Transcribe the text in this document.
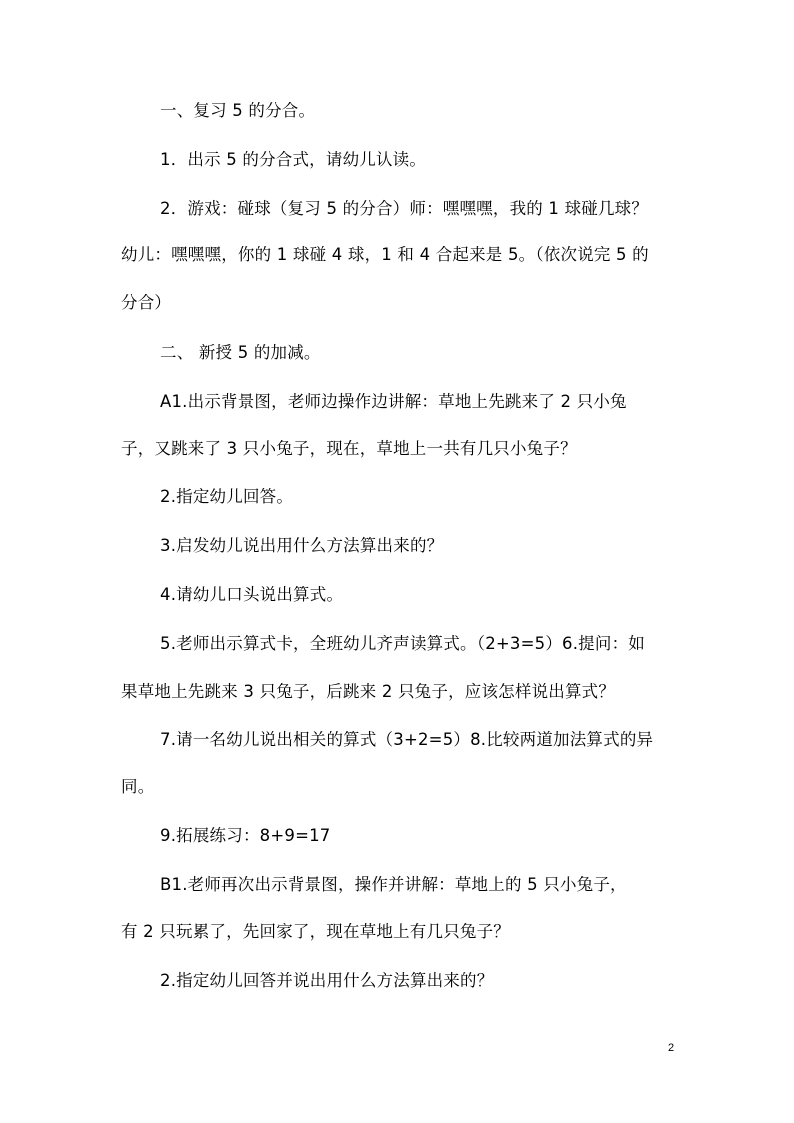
一、复习 5 的分合。
1．出示 5 的分合式，请幼儿认读。
2．游戏：碰球（复习 5 的分合）师：嘿嘿嘿，我的 1 球碰几球？
幼儿：嘿嘿嘿，你的 1 球碰 4 球，1 和 4 合起来是 5。（依次说完 5 的
分合）
二、 新授 5 的加减。
A1.出示背景图，老师边操作边讲解：草地上先跳来了 2 只小兔
子，又跳来了 3 只小兔子，现在，草地上一共有几只小兔子？
2.指定幼儿回答。
3.启发幼儿说出用什么方法算出来的？
4.请幼儿口头说出算式。
5.老师出示算式卡，全班幼儿齐声读算式。（2+3=5）6.提问：如
果草地上先跳来 3 只兔子，后跳来 2 只兔子，应该怎样说出算式？
7.请一名幼儿说出相关的算式（3+2=5）8.比较两道加法算式的异
同。
9.拓展练习：8+9=17
B1.老师再次出示背景图，操作并讲解：草地上的 5 只小兔子，
有 2 只玩累了，先回家了，现在草地上有几只兔子？
2.指定幼儿回答并说出用什么方法算出来的？
2
